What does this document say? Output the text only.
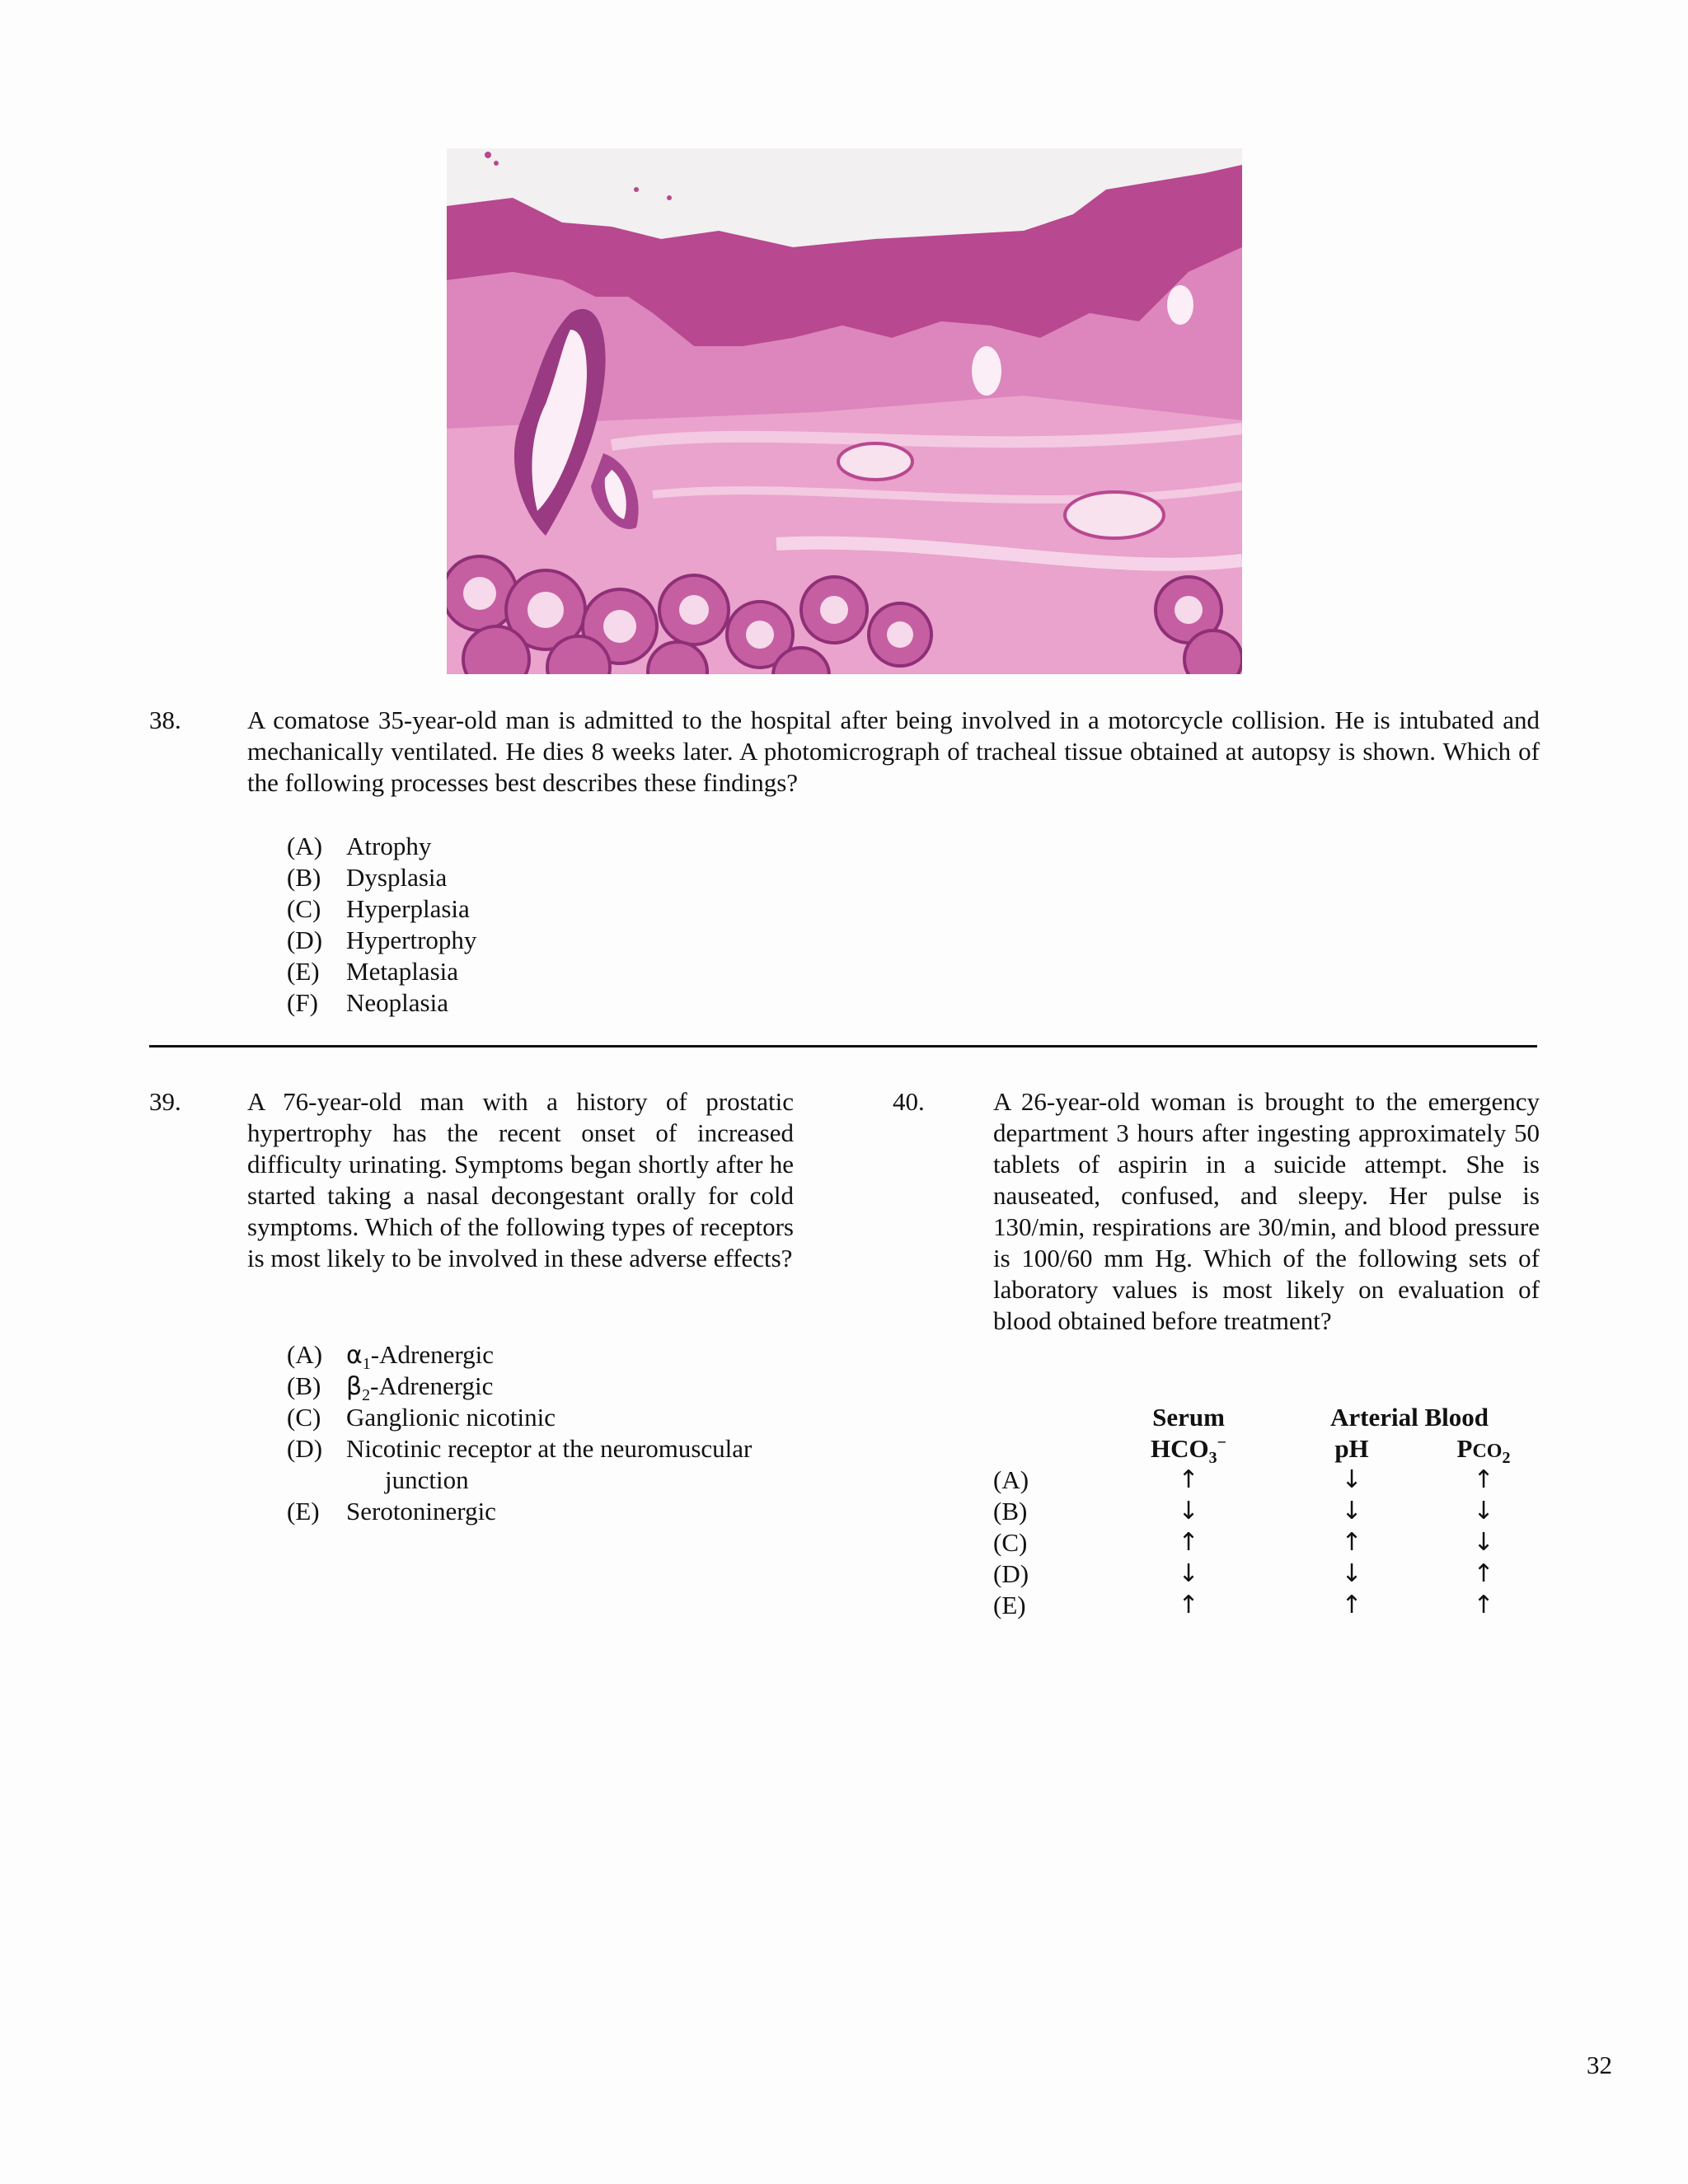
38.	A comatose 35-year-old man is admitted to the hospital after being involved in a motorcycle collision. He is intubated and mechanically ventilated. He dies 8 weeks later. A photomicrograph of tracheal tissue obtained at autopsy is shown. Which of the following processes best describes these findings?
(A) Atrophy
(B) Dysplasia
(C) Hyperplasia
(D) Hypertrophy
(E) Metaplasia
(F) Neoplasia
39.	A 76-year-old man with a history of prostatic hypertrophy has the recent onset of increased difficulty urinating. Symptoms began shortly after he started taking a nasal decongestant orally for cold symptoms. Which of the following types of receptors is most likely to be involved in these adverse effects?
(A) $\alpha_1$-Adrenergic
(B) $\beta_2$-Adrenergic
(C) Ganglionic nicotinic
(D) Nicotinic receptor at the neuromuscular
junction
(E) Serotoninergic
40.	A 26-year-old woman is brought to the emergency department 3 hours after ingesting approximately 50 tablets of aspirin in a suicide attempt. She is nauseated, confused, and sleepy. Her pulse is 130/min, respirations are 30/min, and blood pressure is 100/60 mm Hg. Which of the following sets of laboratory values is most likely on evaluation of blood obtained before treatment?
Serum	Arterial Blood
$HCO_3^-$	pH	$PCO_2$
(A)	↑	↓	↑
(B)	↓	↓	↓
(C)	↑	↑	↓
(D)	↓	↓	↑
(E)	↑	↑	↑
32
